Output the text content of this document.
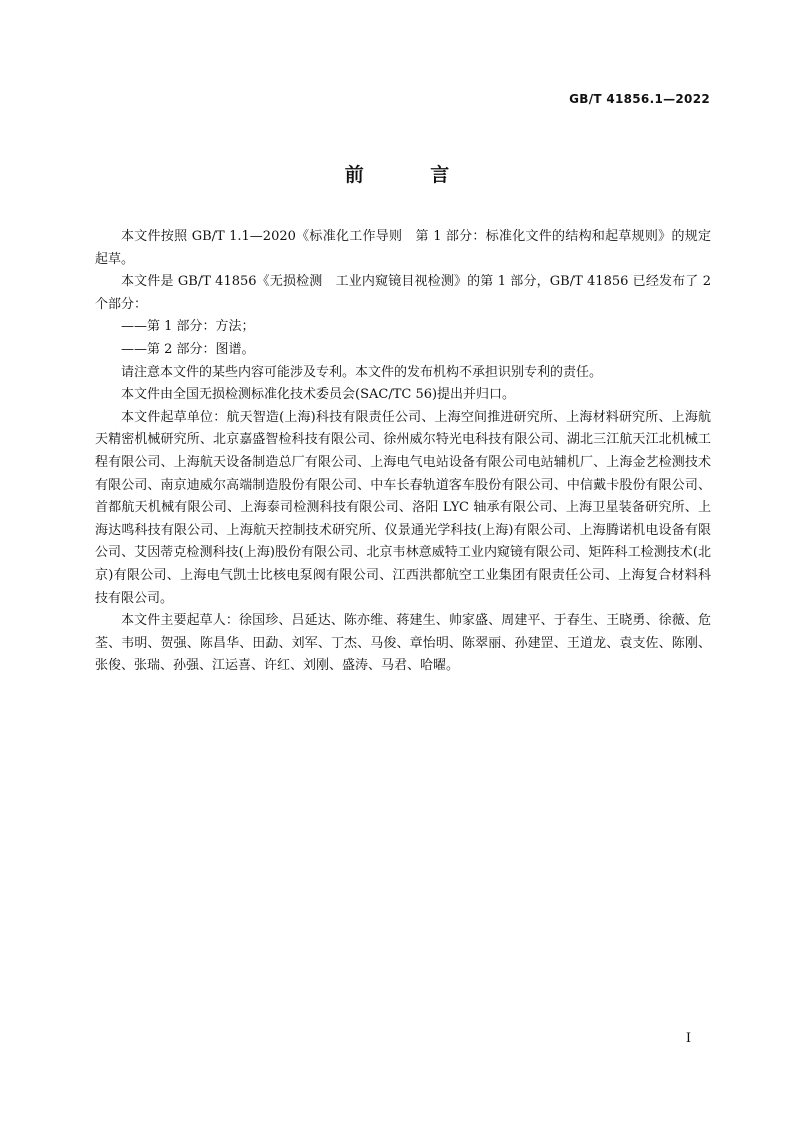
GB/T 41856.1—2022
前 言

本文件按照 GB/T 1.1—2020《标准化工作导则　第 1 部分：标准化文件的结构和起草规则》的规定起草。

本文件是 GB/T 41856《无损检测　工业内窥镜目视检测》的第 1 部分，GB/T 41856 已经发布了 2 个部分：

——第 1 部分：方法；

——第 2 部分：图谱。

请注意本文件的某些内容可能涉及专利。本文件的发布机构不承担识别专利的责任。

本文件由全国无损检测标准化技术委员会(SAC/TC 56)提出并归口。

本文件起草单位：航天智造(上海)科技有限责任公司、上海空间推进研究所、上海材料研究所、上海航天精密机械研究所、北京嘉盛智检科技有限公司、徐州威尔特光电科技有限公司、湖北三江航天江北机械工程有限公司、上海航天设备制造总厂有限公司、上海电气电站设备有限公司电站辅机厂、上海金艺检测技术有限公司、南京迪威尔高端制造股份有限公司、中车长春轨道客车股份有限公司、中信戴卡股份有限公司、首都航天机械有限公司、上海泰司检测科技有限公司、洛阳 LYC 轴承有限公司、上海卫星装备研究所、上海达鸣科技有限公司、上海航天控制技术研究所、仪景通光学科技(上海)有限公司、上海腾诺机电设备有限公司、艾因蒂克检测科技(上海)股份有限公司、北京韦林意威特工业内窥镜有限公司、矩阵科工检测技术(北京)有限公司、上海电气凯士比核电泵阀有限公司、江西洪都航空工业集团有限责任公司、上海复合材料科技有限公司。

本文件主要起草人：徐国珍、吕延达、陈亦维、蒋建生、帅家盛、周建平、于春生、王晓勇、徐薇、危荃、韦明、贺强、陈昌华、田勐、刘军、丁杰、马俊、章怡明、陈翠丽、孙建罡、王道龙、袁支佐、陈刚、张俊、张瑞、孙强、江运喜、许红、刘刚、盛涛、马君、哈曜。

I
